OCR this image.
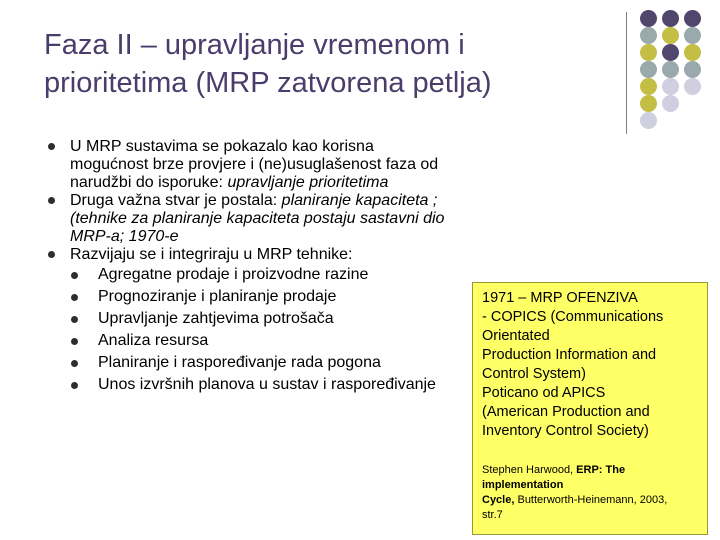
Faza II – upravljanje vremenom i
prioritetima (MRP zatvorena petlja)
U MRP sustavima se pokazalo kao korisna
mogućnost brze provjere i (ne)usuglašenost faza od
narudžbi do isporuke: upravljanje prioritetima
Druga važna stvar je postala: planiranje kapaciteta ;
(tehnike za planiranje kapaciteta postaju sastavni dio
MRP-a; 1970-e
Razvijaju se i integriraju u MRP tehnike:
Agregatne prodaje i proizvodne razine
Prognoziranje i planiranje prodaje
Upravljanje zahtjevima potrošača
Analiza resursa
Planiranje i raspoređivanje rada pogona
Unos izvršnih planova u sustav i raspoređivanje
1971 – MRP OFENZIVA
- COPICS (Communications
Orientated
Production Information and
Control System)
Poticano od APICS
(American Production and
Inventory Control Society)
Stephen Harwood, ERP: The
implementation
Cycle, Butterworth-Heinemann, 2003,
str.7
